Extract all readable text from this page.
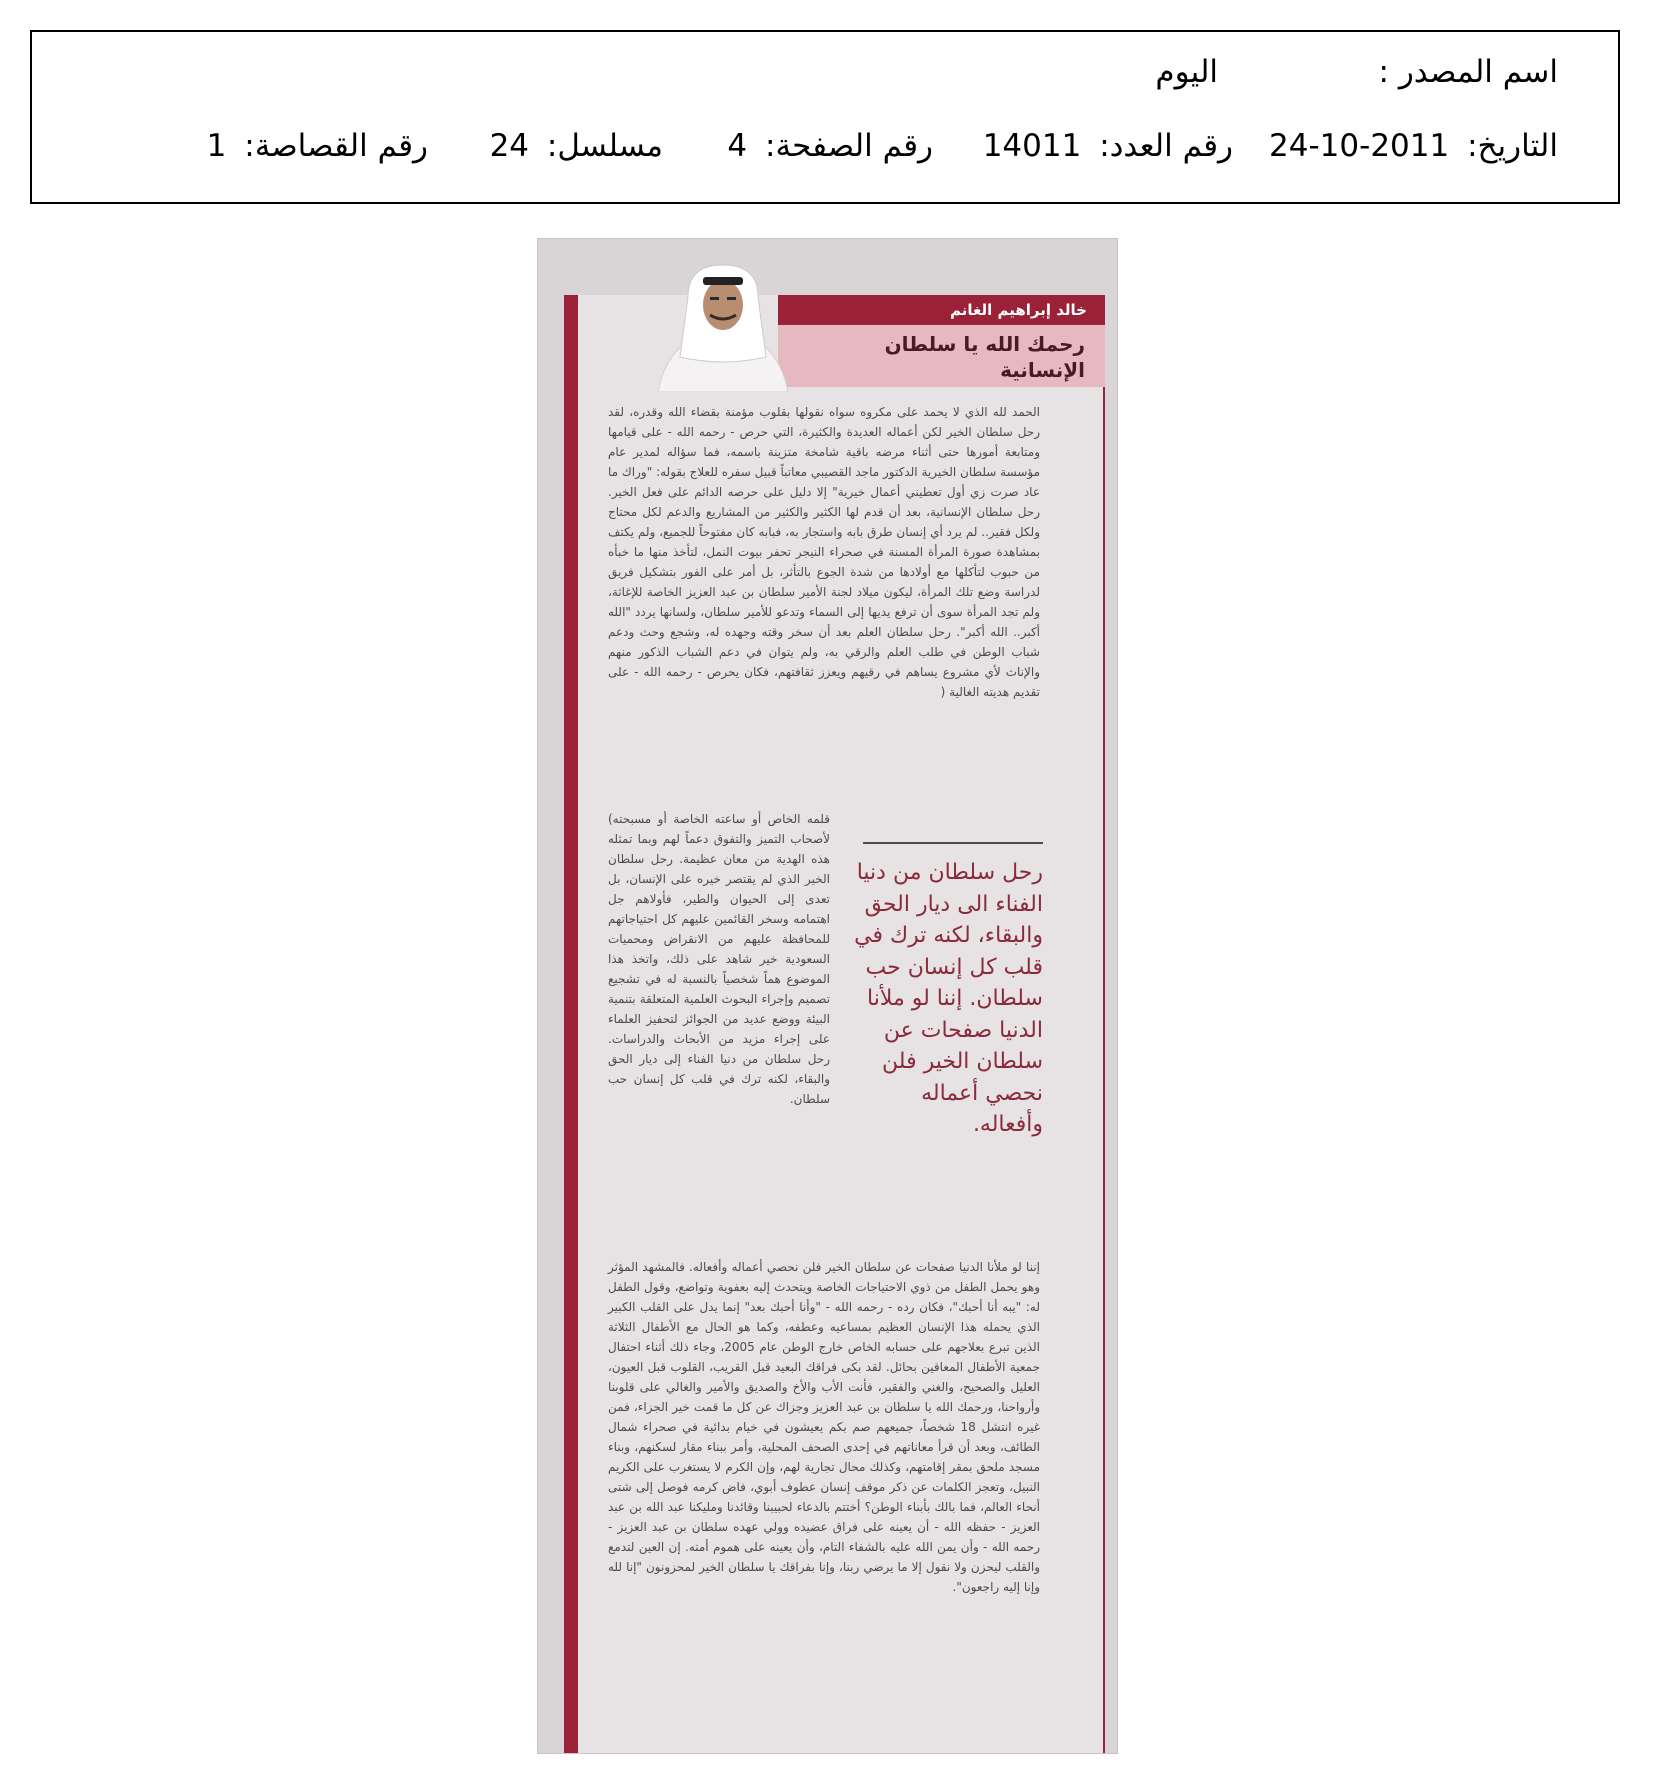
اسم المصدر :
اليوم
التاريخ: 2011-10-24
رقم العدد: 14011
رقم الصفحة: 4
مسلسل: 24
رقم القصاصة: 1
خالد إبراهيم الغانم
رحمك الله يا سلطان الإنسانية

الحمد لله الذي لا يحمد على مكروه سواه نقولها بقلوب مؤمنة بقضاء الله وقدره، لقد رحل سلطان الخير لكن أعماله العديدة والكثيرة، التي حرص - رحمه الله - على قيامها ومتابعة أمورها حتى أثناء مرضه باقية شامخة متزينة باسمه، فما سؤاله لمدير عام مؤسسة سلطان الخيرية الدكتور ماجد القصيبي معاتباً قبيل سفره للعلاج بقوله: "وراك ما عاد صرت زي أول تعطيني أعمال خيرية" إلا دليل على حرصه الدائم على فعل الخير. رحل سلطان الإنسانية، بعد أن قدم لها الكثير والكثير من المشاريع والدعم لكل محتاج ولكل فقير.. لم يرد أي إنسان طرق بابه واستجار به، فبابه كان مفتوحاً للجميع، ولم يكتف بمشاهدة صورة المرأة المسنة في صحراء النيجر تحفر بيوت النمل، لتأخذ منها ما خبأه من حبوب لتأكلها مع أولادها من شدة الجوع بالتأثر، بل أمر على الفور بتشكيل فريق لدراسة وضع تلك المرأة، ليكون ميلاد لجنة الأمير سلطان بن عبد العزيز الخاصة للإغاثة، ولم تجد المرأة سوى أن ترفع يديها إلى السماء وتدعو للأمير سلطان، ولسانها يردد "الله أكبر.. الله أكبر". رحل سلطان العلم بعد أن سخر وقته وجهده له، وشجع وحث ودعم شباب الوطن في طلب العلم والرقي به، ولم يتوان في دعم الشباب الذكور منهم والإناث لأي مشروع يساهم في رقيهم ويعزز ثقافتهم، فكان يحرص - رحمه الله - على تقديم هديته الغالية (

قلمه الخاص أو ساعته الخاصة أو مسبحته) لأصحاب التميز والتفوق دعماً لهم وبما تمثله هذه الهدية من معان عظيمة. رحل سلطان الخير الذي لم يقتصر خيره على الإنسان، بل تعدى إلى الحيوان والطير، فأولاهم جل اهتمامه وسخر القائمين عليهم كل احتياجاتهم للمحافظة عليهم من الانقراض ومحميات السعودية خير شاهد على ذلك، واتخذ هذا الموضوع هماً شخصياً بالنسبة له في تشجيع تصميم وإجراء البحوث العلمية المتعلقة بتنمية البيئة ووضع عديد من الجوائز لتحفيز العلماء على إجراء مزيد من الأبحاث والدراسات. رحل سلطان من دنيا الفناء إلى ديار الحق والبقاء، لكنه ترك في قلب كل إنسان حب سلطان.

رحل سلطان من دنيا الفناء الى ديار الحق والبقاء، لكنه ترك في قلب كل إنسان حب سلطان. إننا لو ملأنا الدنيا صفحات عن سلطان الخير فلن نحصي أعماله وأفعاله.

إننا لو ملأنا الدنيا صفحات عن سلطان الخير فلن نحصي أعماله وأفعاله. فالمشهد المؤثر وهو يحمل الطفل من ذوي الاحتياجات الخاصة ويتحدث إليه بعفوية وتواضع، وقول الطفل له: "يبه أنا أحبك"، فكان رده - رحمه الله - "وأنا أحبك بعد" إنما يدل على القلب الكبير الذي يحمله هذا الإنسان العظيم بمساعيه وعطفه، وكما هو الحال مع الأطفال الثلاثة الذين تبرع بعلاجهم على حسابه الخاص خارج الوطن عام 2005، وجاء ذلك أثناء احتفال جمعية الأطفال المعاقين بحائل. لقد بكى فراقك البعيد قبل القريب، القلوب قبل العيون، العليل والصحيح، والغني والفقير، فأنت الأب والأخ والصديق والأمير والغالي على قلوبنا وأرواحنا، ورحمك الله يا سلطان بن عبد العزيز وجزاك عن كل ما قمت خير الجزاء، فمن غيره انتشل 18 شخصاً، جميعهم صم بكم يعيشون في خيام بدائية في صحراء شمال الطائف، وبعد أن قرأ معاناتهم في إحدى الصحف المحلية، وأمر ببناء مقار لسكنهم، وبناء مسجد ملحق بمقر إقامتهم، وكذلك محال تجارية لهم، وإن الكرم لا يستغرب على الكريم النبيل، وتعجز الكلمات عن ذكر موقف إنسان عطوف أبوي، فاض كرمه فوصل إلى شتى أنحاء العالم، فما بالك بأبناء الوطن؟ أختتم بالدعاء لحبيبنا وقائدنا ومليكنا عبد الله بن عبد العزيز - حفظه الله - أن يعينه على فراق عضيده وولي عهده سلطان بن عبد العزيز - رحمه الله - وأن يمن الله عليه بالشفاء التام، وأن يعينه على هموم أمته. إن العين لتدمع والقلب ليحزن ولا نقول إلا ما يرضي ربنا، وإنا بفراقك يا سلطان الخير لمحزونون "إنا لله وإنا إليه راجعون".
